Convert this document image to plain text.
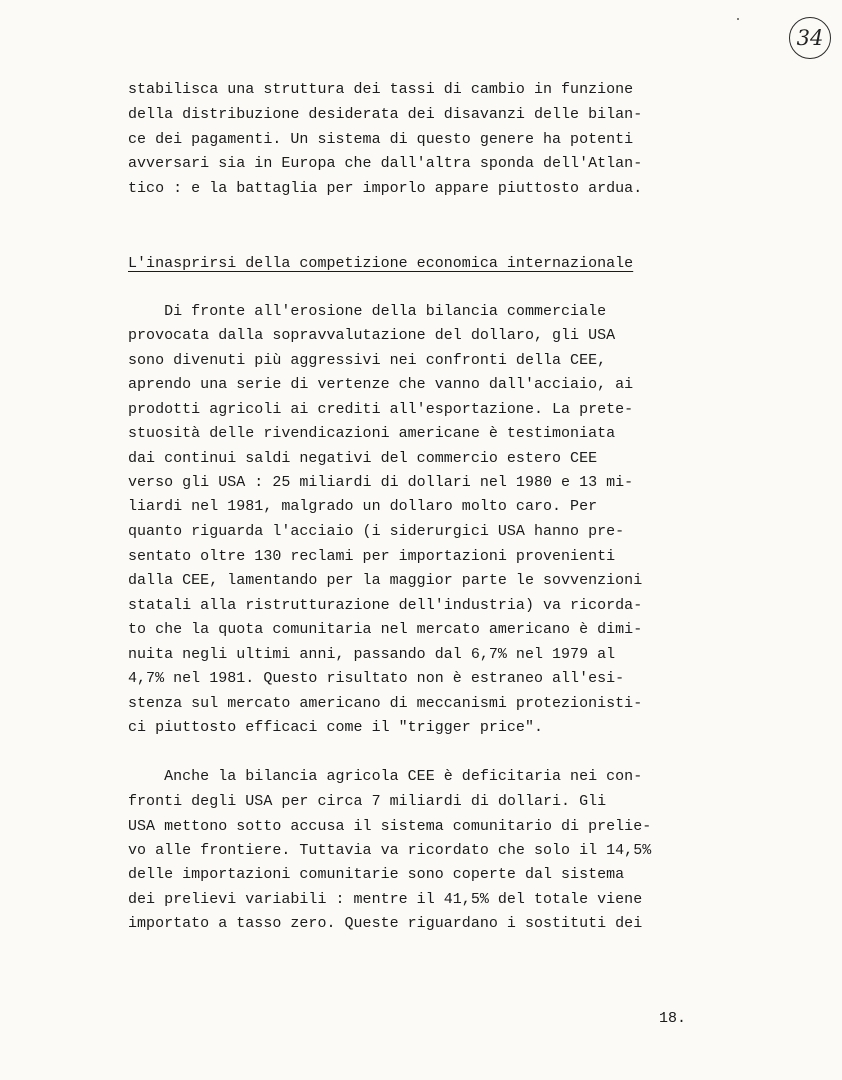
34
stabilisca una struttura dei tassi di cambio in funzione
della distribuzione desiderata dei disavanzi delle bilan-
ce dei pagamenti. Un sistema di questo genere ha potenti
avversari sia in Europa che dall'altra sponda dell'Atlan-
tico : e la battaglia per imporlo appare piuttosto ardua.
L'inasprirsi della competizione economica internazionale
Di fronte all'erosione della bilancia commerciale
provocata dalla sopravvalutazione del dollaro, gli USA
sono divenuti più aggressivi nei confronti della CEE,
aprendo una serie di vertenze che vanno dall'acciaio, ai
prodotti agricoli ai crediti all'esportazione. La prete-
stuosità delle rivendicazioni americane è testimoniata
dai continui saldi negativi del commercio estero CEE
verso gli USA : 25 miliardi di dollari nel 1980 e 13 mi-
liardi nel 1981, malgrado un dollaro molto caro. Per
quanto riguarda l'acciaio (i siderurgici USA hanno pre-
sentato oltre 130 reclami per importazioni provenienti
dalla CEE, lamentando per la maggior parte le sovvenzioni
statali alla ristrutturazione dell'industria) va ricorda-
to che la quota comunitaria nel mercato americano è dimi-
nuita negli ultimi anni, passando dal 6,7% nel 1979 al
4,7% nel 1981. Questo risultato non è estraneo all'esi-
stenza sul mercato americano di meccanismi protezionisti-
ci piuttosto efficaci come il "trigger price".
Anche la bilancia agricola CEE è deficitaria nei con-
fronti degli USA per circa 7 miliardi di dollari. Gli
USA mettono sotto accusa il sistema comunitario di prelie-
vo alle frontiere. Tuttavia va ricordato che solo il 14,5%
delle importazioni comunitarie sono coperte dal sistema
dei prelievi variabili : mentre il 41,5% del totale viene
importato a tasso zero. Queste riguardano i sostituti dei
18.
